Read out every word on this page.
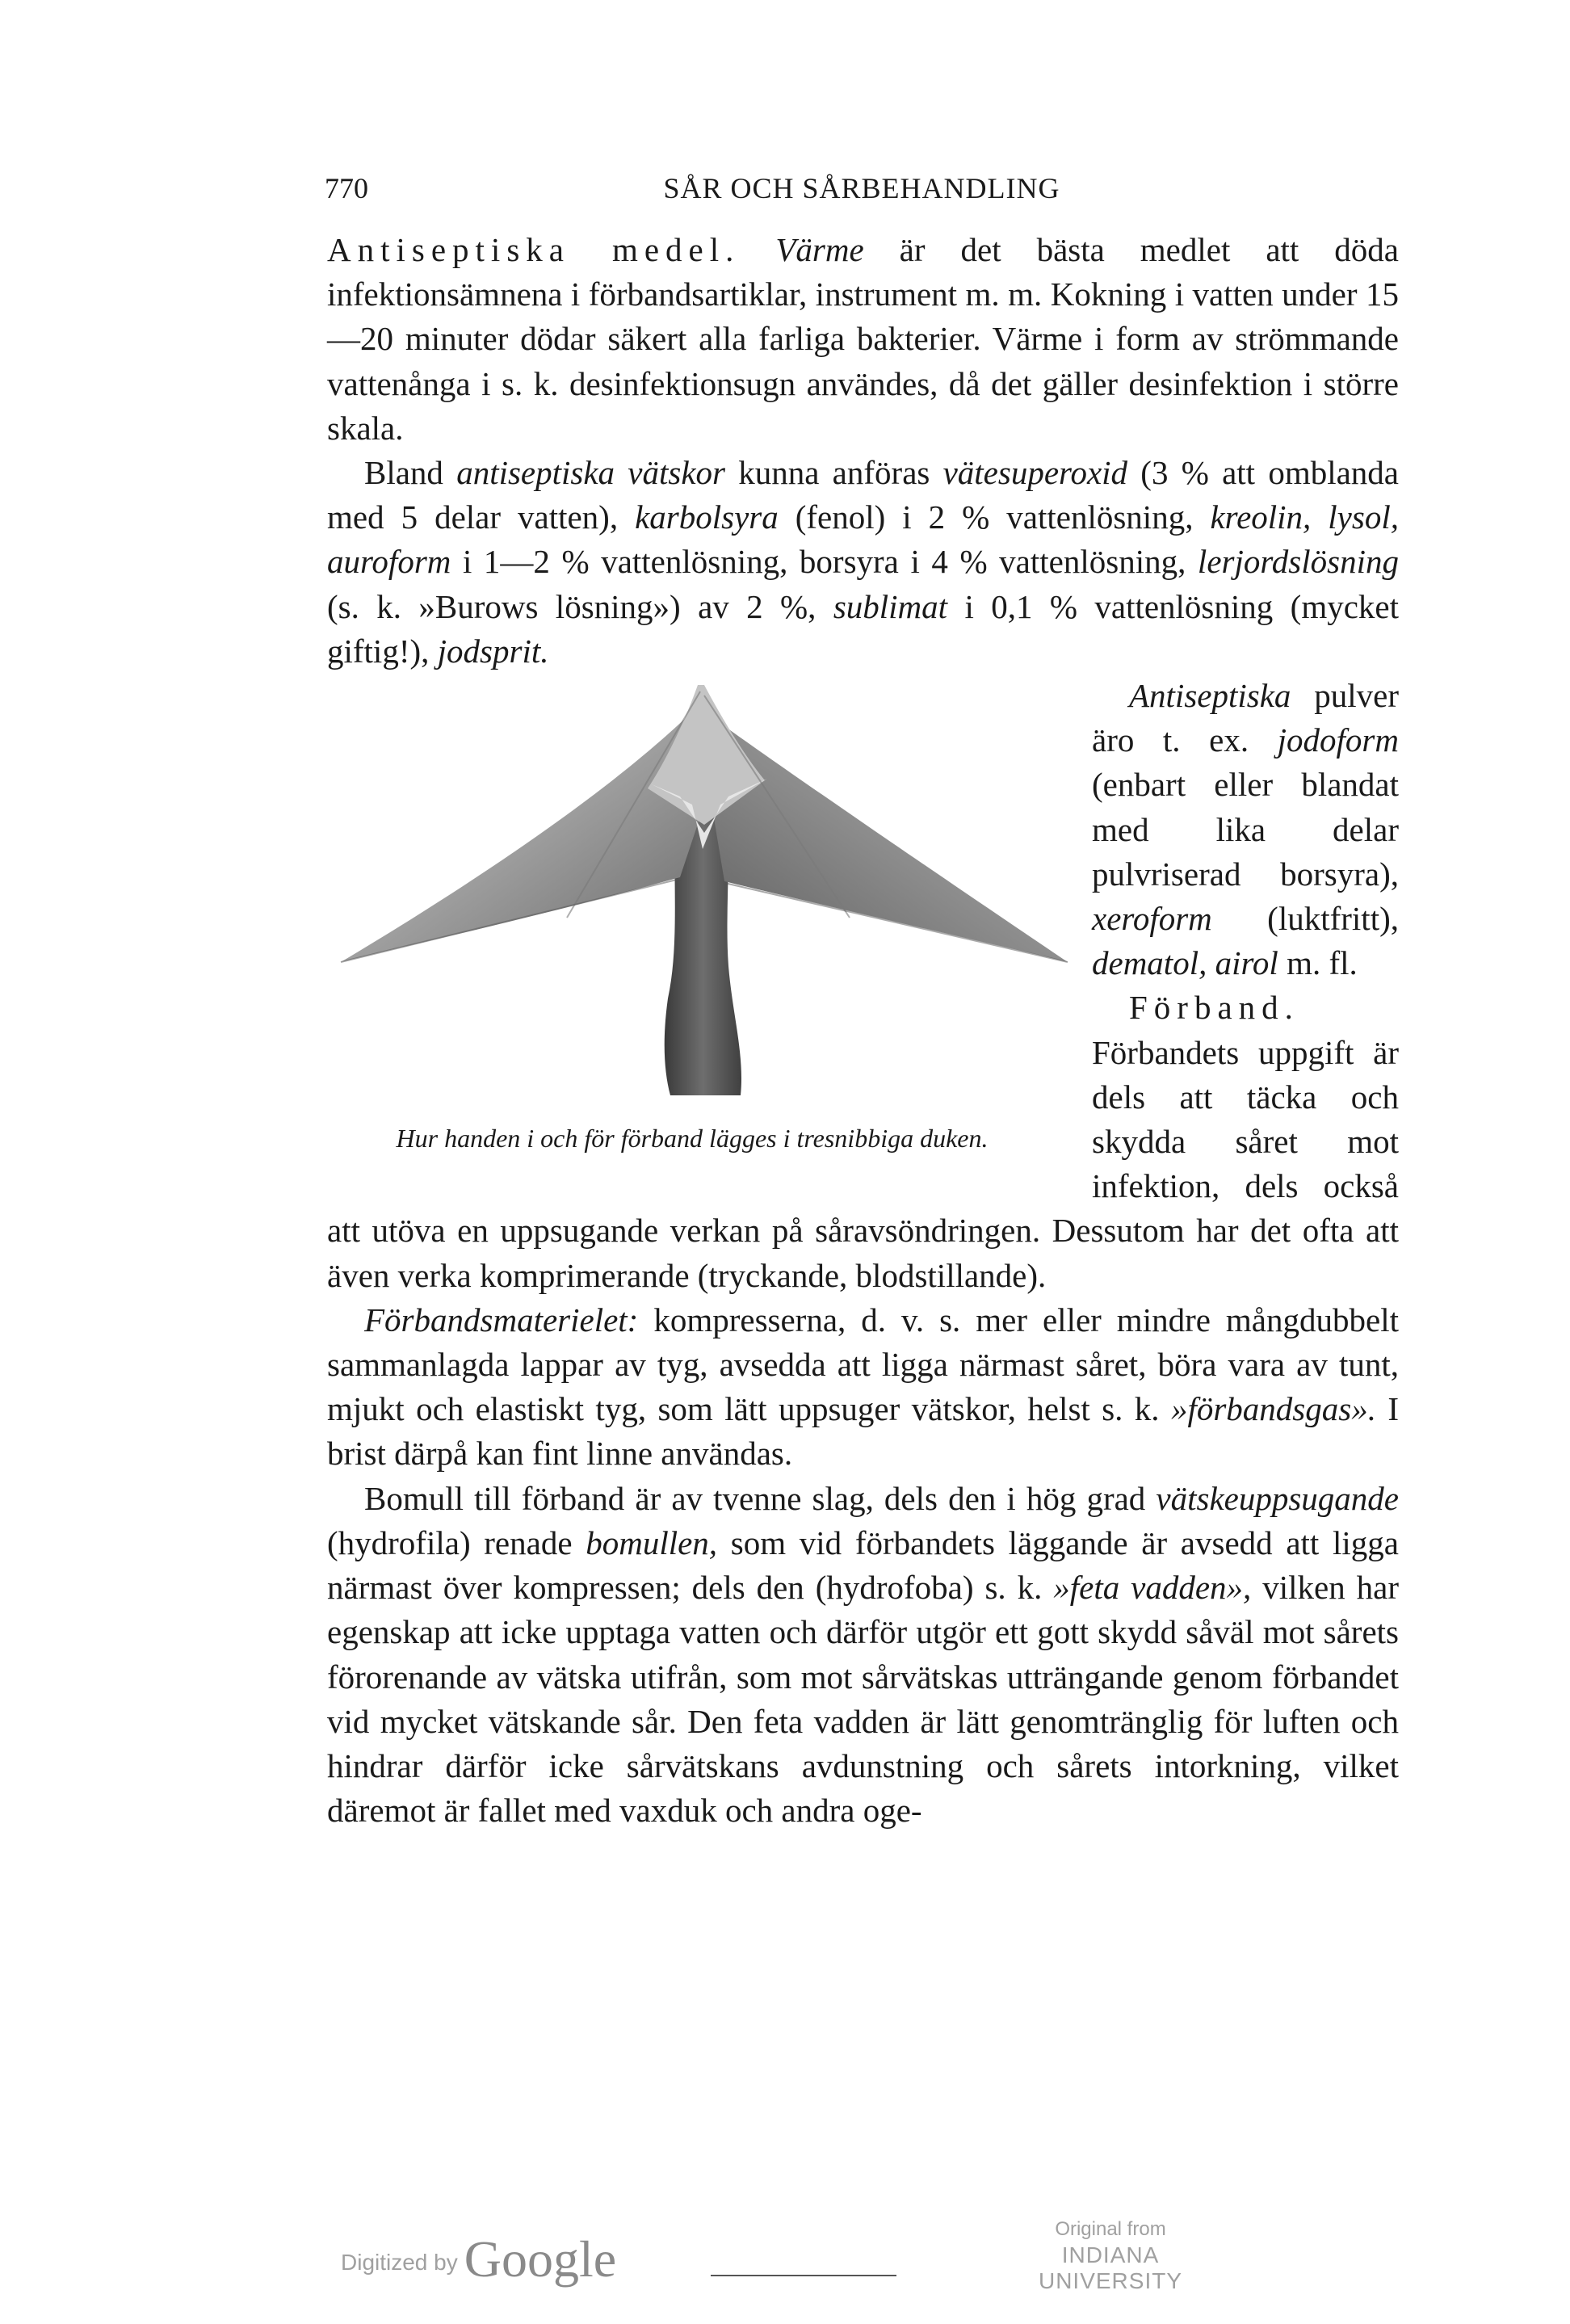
770	SÅR OCH SÅRBEHANDLING

Antiseptiska medel. Värme är det bästa medlet att döda infektionsämnena i förbandsartiklar, instrument m. m. Kokning i vatten under 15—20 minuter dödar säkert alla farliga bakterier. Värme i form av strömmande vattenånga i s. k. desinfektionsugn användes, då det gäller desinfektion i större skala.

Bland antiseptiska vätskor kunna anföras vätesuperoxid (3 % att omblanda med 5 delar vatten), karbolsyra (fenol) i 2 % vattenlösning, kreolin, lysol, auroform i 1—2 % vattenlösning, borsyra i 4 % vattenlösning, lerjordslösning (s. k. »Burows lösning») av 2 %, sublimat i 0,1 % vattenlösning (mycket giftig!), jodsprit.

Hur handen i och för förband lägges i tresnibbiga duken.

Antiseptiska pulver äro t. ex. jodoform (enbart eller blandat med lika delar pulvriserad borsyra), xeroform (luktfritt), dematol, airol m. fl.

Förband. Förbandets uppgift är dels att täcka och skydda såret mot infektion, dels också att utöva en uppsugande verkan på såravsöndringen. Dessutom har det ofta att även verka komprimerande (tryckande, blodstillande).

Förbandsmaterielet: kompresserna, d. v. s. mer eller mindre mångdubbelt sammanlagda lappar av tyg, avsedda att ligga närmast såret, böra vara av tunt, mjukt och elastiskt tyg, som lätt uppsuger vätskor, helst s. k. »förbandsgas». I brist därpå kan fint linne användas.

Bomull till förband är av tvenne slag, dels den i hög grad vätskeuppsugande (hydrofila) renade bomullen, som vid förbandets läggande är avsedd att ligga närmast över kompressen; dels den (hydrofoba) s. k. »feta vadden», vilken har egenskap att icke upptaga vatten och därför utgör ett gott skydd såväl mot sårets förorenande av vätska utifrån, som mot sårvätskas utträngande genom förbandet vid mycket vätskande sår. Den feta vadden är lätt genomtränglig för luften och hindrar därför icke sårvätskans avdunstning och sårets intorkning, vilket däremot är fallet med vaxduk och andra oge-

Digitized by Google
Original from
INDIANA UNIVERSITY
